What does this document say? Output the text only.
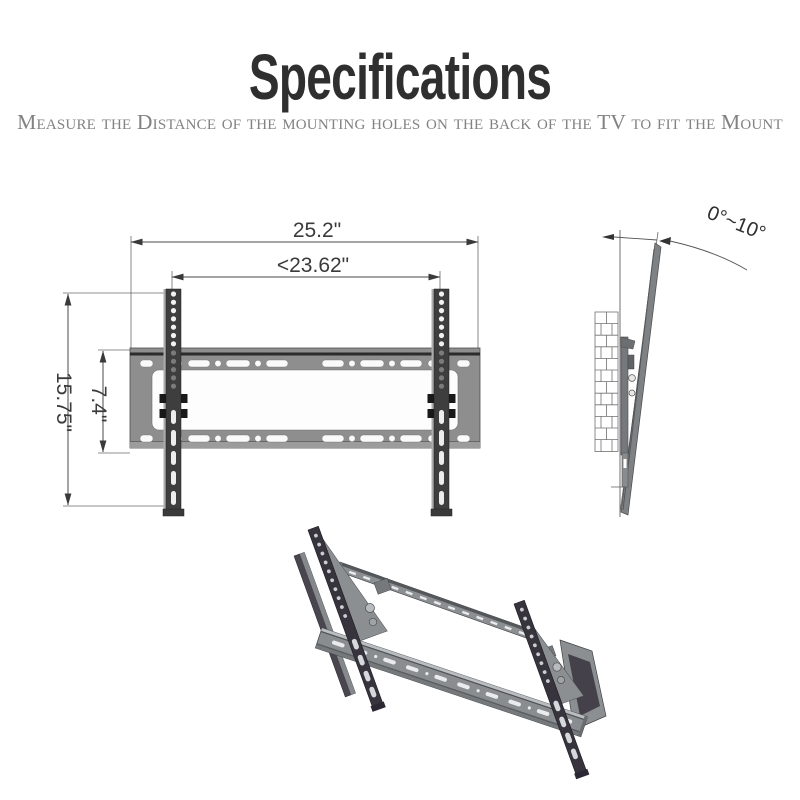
Specifications
Measure the Distance of the mounting holes on the back of the TV to fit the Mount
25.2"
<23.62"
15.75" 7.4"
0°~10°
